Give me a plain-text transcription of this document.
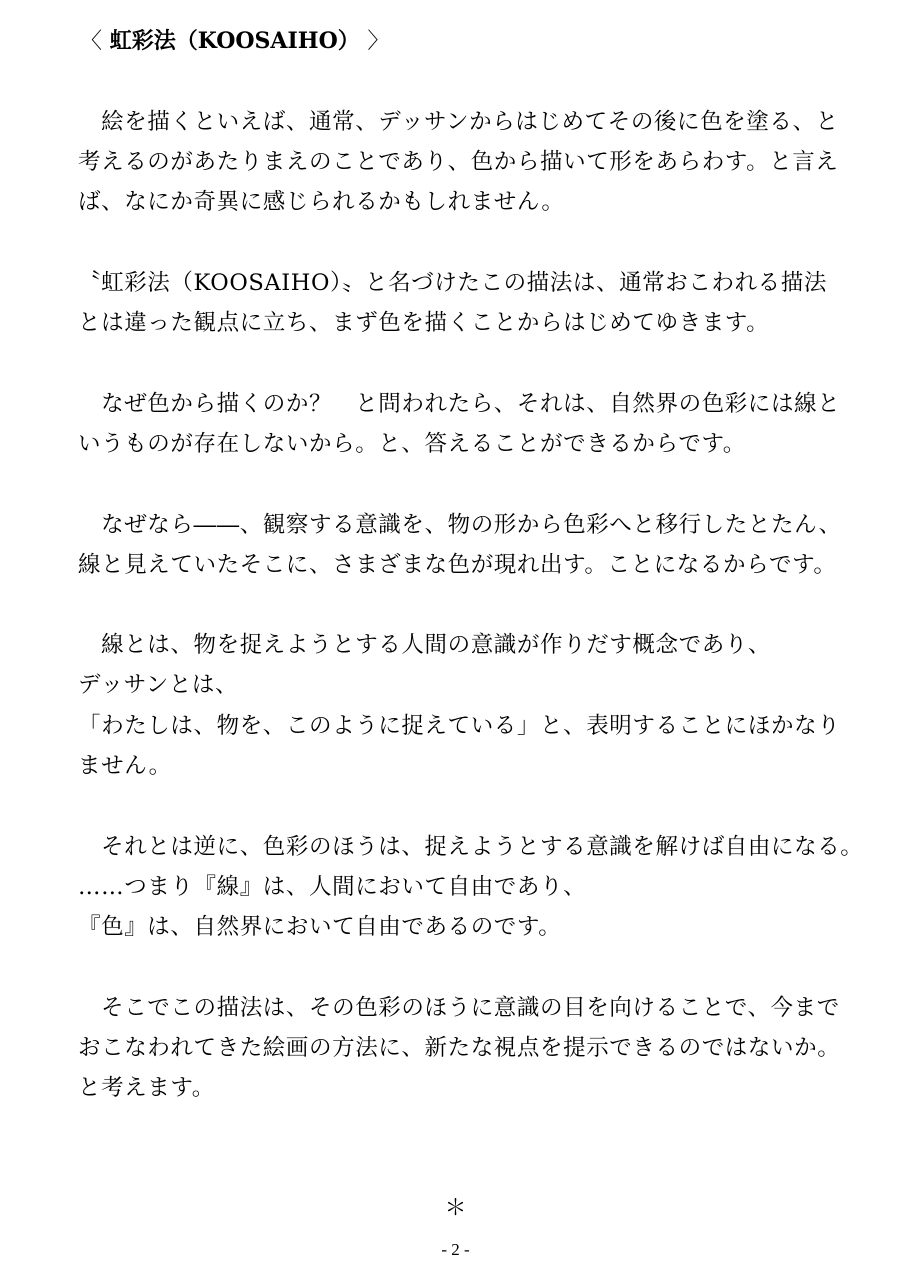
〈 虹彩法（KOOSAIHO） 〉
　絵を描くといえば、通常、デッサンからはじめてその後に色を塗る、と
考えるのがあたりまえのことであり、色から描いて形をあらわす。と言え
ば、なにか奇異に感じられるかもしれません。
〝虹彩法（KOOSAIHO）〟と名づけたこの描法は、通常おこわれる描法
とは違った観点に立ち、まず色を描くことからはじめてゆきます。
　なぜ色から描くのか？　と問われたら、それは、自然界の色彩には線と
いうものが存在しないから。と、答えることができるからです。
　なぜなら――、観察する意識を、物の形から色彩へと移行したとたん、
線と見えていたそこに、さまざまな色が現れ出す。ことになるからです。
　線とは、物を捉えようとする人間の意識が作りだす概念であり、
デッサンとは、
「わたしは、物を、このように捉えている」と、表明することにほかなり
ません。
　それとは逆に、色彩のほうは、捉えようとする意識を解けば自由になる。
……つまり『線』は、人間において自由であり、
『色』は、自然界において自由であるのです。
　そこでこの描法は、その色彩のほうに意識の目を向けることで、今まで
おこなわれてきた絵画の方法に、新たな視点を提示できるのではないか。
と考えます。
＊
- 2 -
